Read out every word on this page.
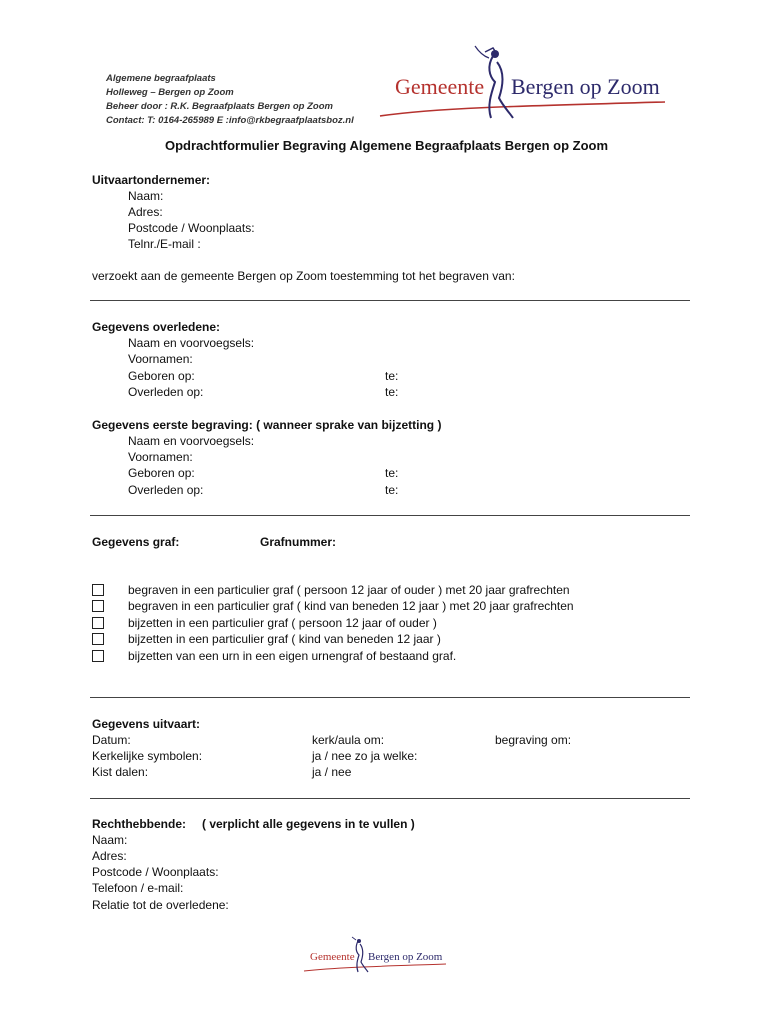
Algemene begraafplaats
Holleweg – Bergen op Zoom
Beheer door : R.K. Begraafplaats Bergen op Zoom
Contact: T: 0164-265989 E :info@rkbegraafplaatsboz.nl
Gemeente Bergen op Zoom
Opdrachtformulier Begraving Algemene Begraafplaats Bergen op Zoom
Uitvaartondernemer:
Naam:
Adres:
Postcode / Woonplaats:
Telnr./E-mail :
verzoekt aan de gemeente Bergen op Zoom toestemming tot het begraven van:
Gegevens overledene:
Naam en voorvoegsels:
Voornamen:
Geboren op:	te:
Overleden op:	te:
Gegevens eerste begraving: ( wanneer sprake van bijzetting )
Naam en voorvoegsels:
Voornamen:
Geboren op:	te:
Overleden op:	te:
Gegevens graf:	Grafnummer:
begraven in een particulier graf ( persoon 12 jaar of ouder ) met 20 jaar grafrechten
begraven in een particulier graf ( kind van beneden 12 jaar ) met 20 jaar grafrechten
bijzetten in een particulier graf ( persoon 12 jaar of ouder )
bijzetten in een particulier graf ( kind van beneden 12 jaar )
bijzetten van een urn in een eigen urnengraf of bestaand graf.
Gegevens uitvaart:
Datum:	kerk/aula om:	begraving om:
Kerkelijke symbolen:	ja / nee zo ja welke:
Kist dalen:	ja / nee
Rechthebbende: ( verplicht alle gegevens in te vullen )
Naam:
Adres:
Postcode / Woonplaats:
Telefoon / e-mail:
Relatie tot de overledene:
Gemeente Bergen op Zoom
